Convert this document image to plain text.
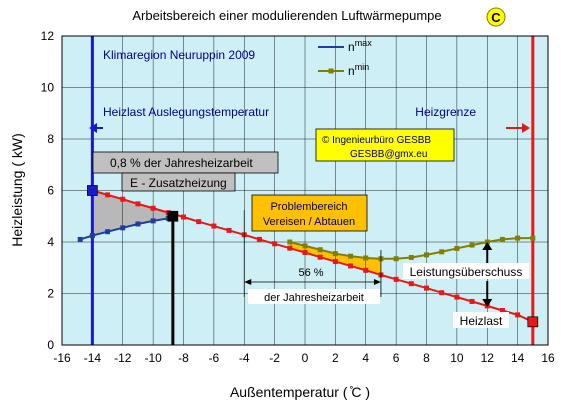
$n^{max}$
$n^{min}$
Klimaregion Neuruppin 2009
Heizlast Auslegungstemperatur	Heizgrenze
© Ingenieurbüro GESBB
GESBB@gmx.eu
0,8 % der Jahresheizarbeit
E - Zusatzheizung
Problembereich
Vereisen / Abtauen
56 %
der Jahresheizarbeit
Leistungsüberschuss
Heizlast
-16 -14 -12 -10 -8 -6 -4 -2 0 2 4 6 8 10 12 14 16
0
2
4
6
8
10
12
Arbeitsbereich einer modulierenden Luftwärmepumpe	C
Außentemperatur ( ̊C )
Heizleistung ( kW)
